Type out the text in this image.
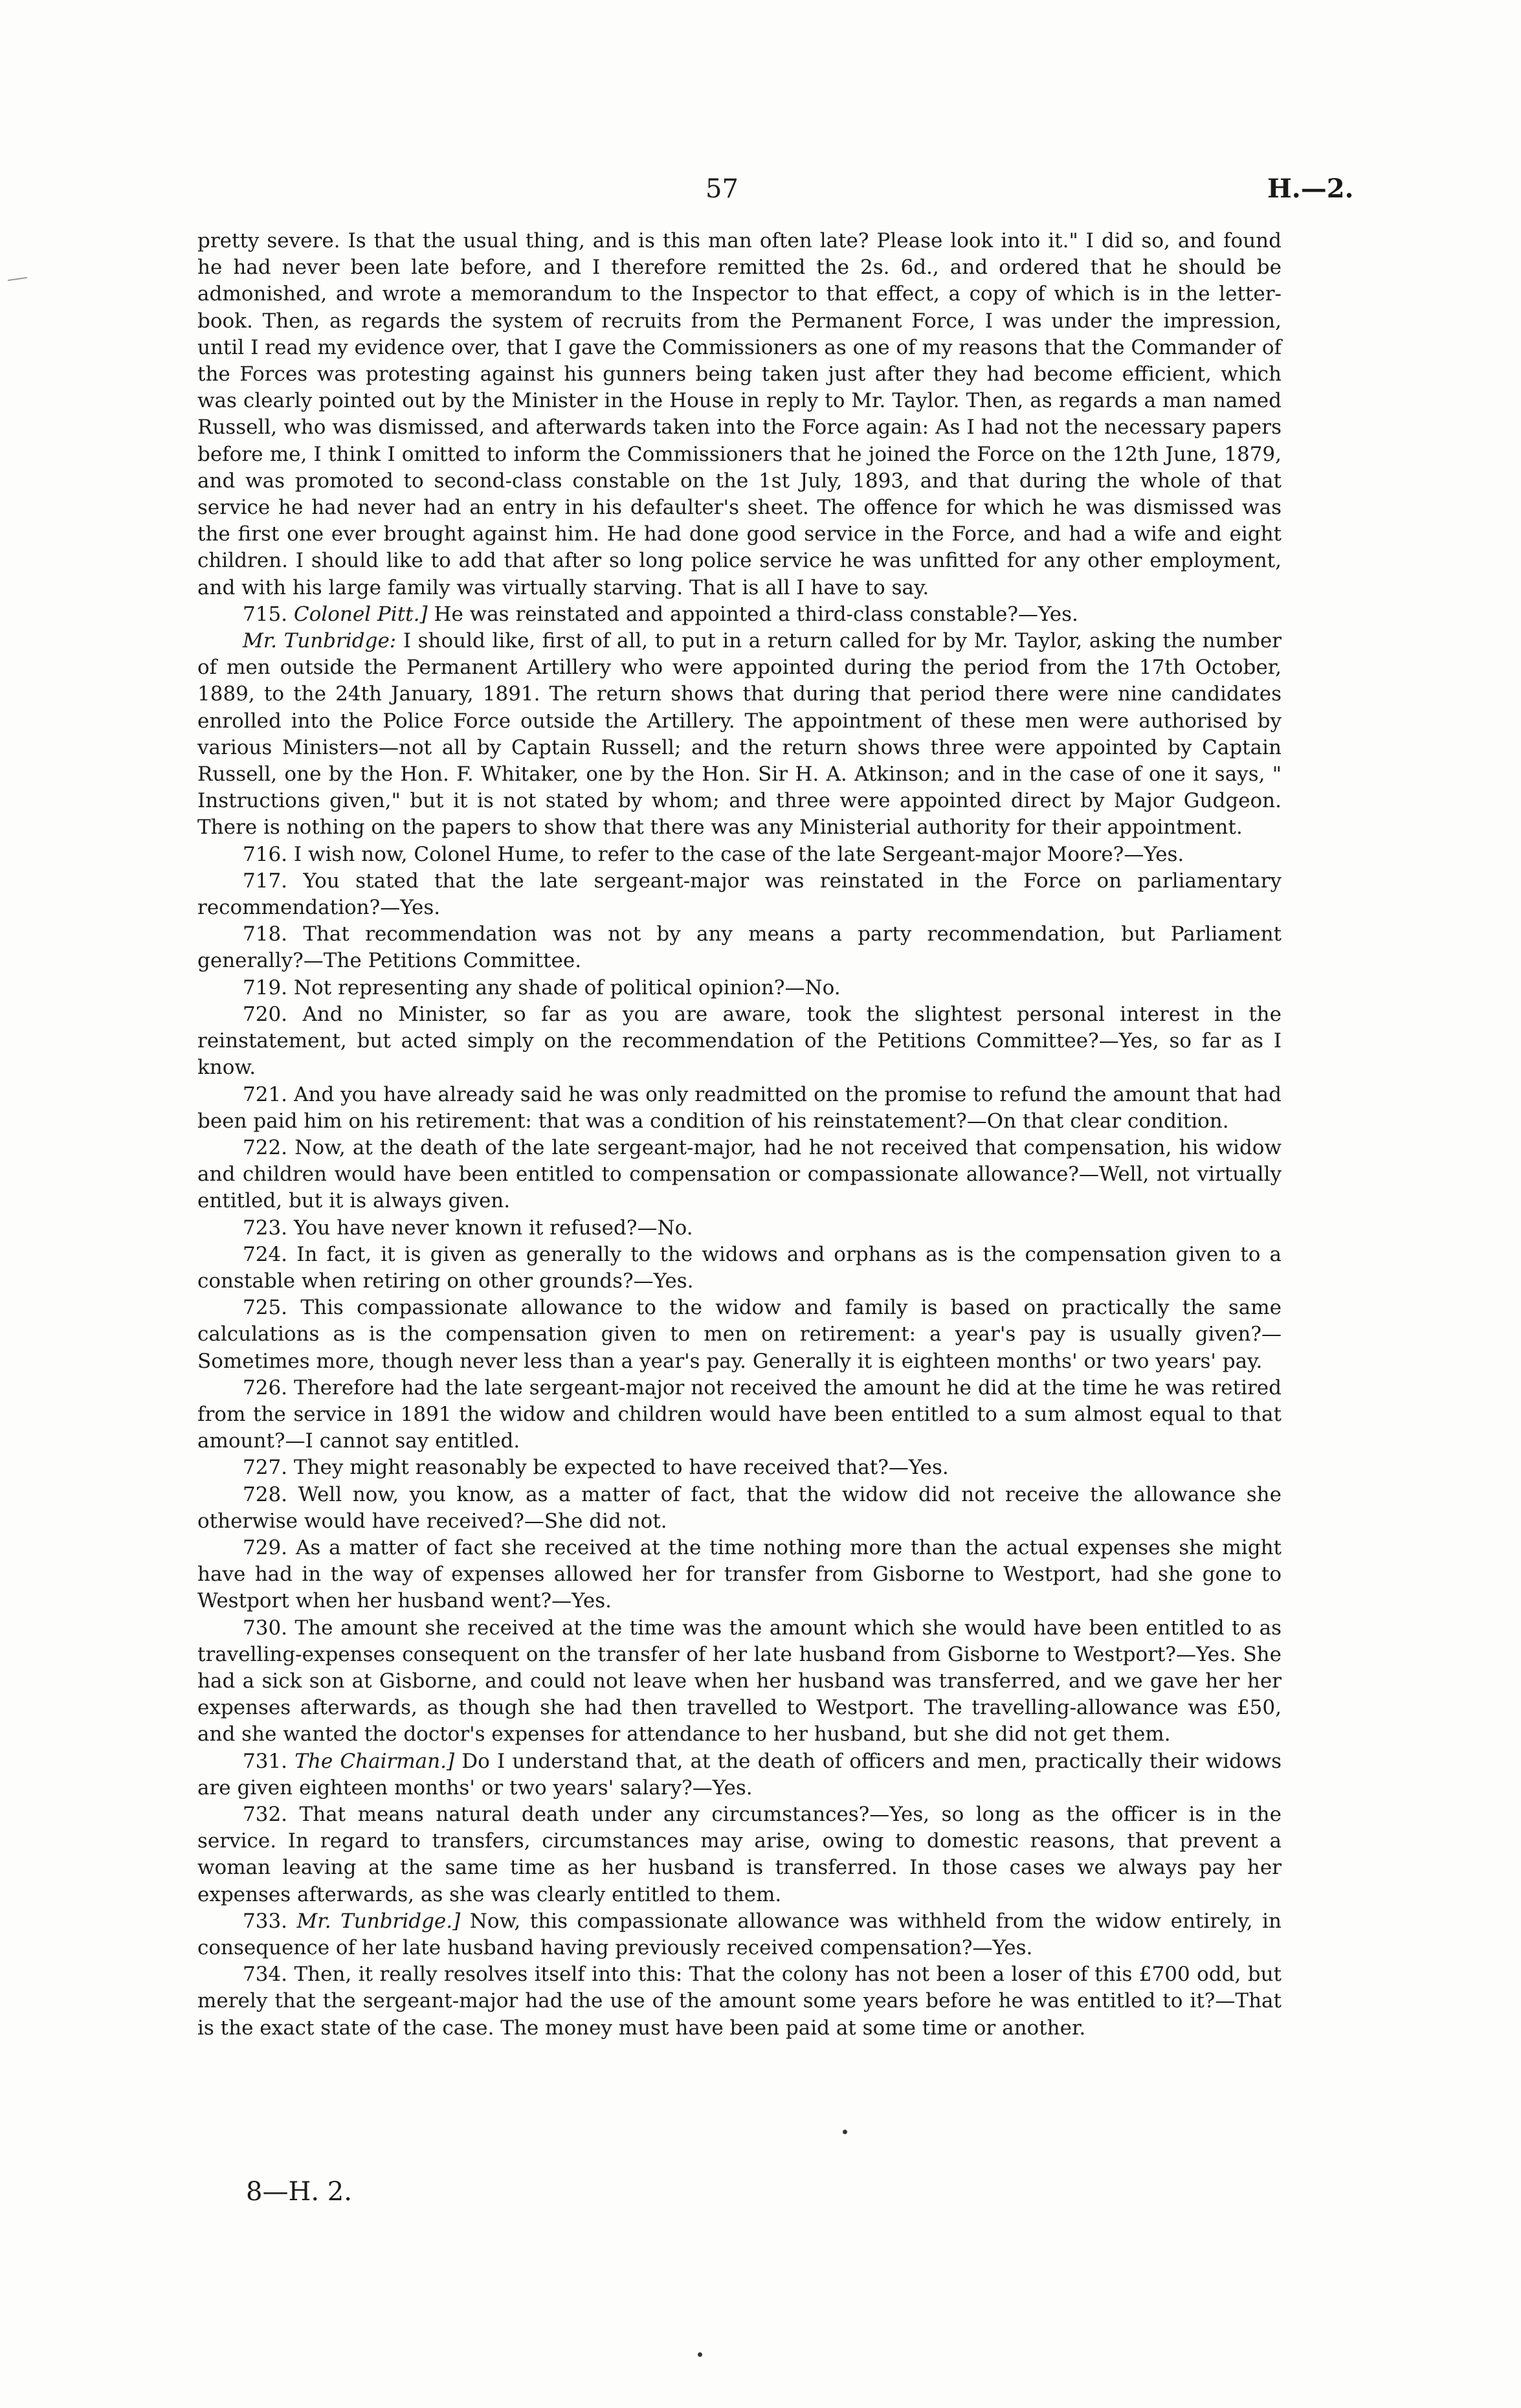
57	H.—2.

pretty severe. Is that the usual thing, and is this man often late? Please look into it." I did so, and found he had never been late before, and I therefore remitted the 2s. 6d., and ordered that he should be admonished, and wrote a memorandum to the Inspector to that effect, a copy of which is in the letter-book. Then, as regards the system of recruits from the Permanent Force, I was under the impression, until I read my evidence over, that I gave the Commissioners as one of my reasons that the Commander of the Forces was protesting against his gunners being taken just after they had become efficient, which was clearly pointed out by the Minister in the House in reply to Mr. Taylor. Then, as regards a man named Russell, who was dismissed, and afterwards taken into the Force again: As I had not the necessary papers before me, I think I omitted to inform the Commissioners that he joined the Force on the 12th June, 1879, and was promoted to second-class constable on the 1st July, 1893, and that during the whole of that service he had never had an entry in his defaulter's sheet. The offence for which he was dismissed was the first one ever brought against him. He had done good service in the Force, and had a wife and eight children. I should like to add that after so long police service he was unfitted for any other employment, and with his large family was virtually starving. That is all I have to say.

715. Colonel Pitt.] He was reinstated and appointed a third-class constable?—Yes.

Mr. Tunbridge: I should like, first of all, to put in a return called for by Mr. Taylor, asking the number of men outside the Permanent Artillery who were appointed during the period from the 17th October, 1889, to the 24th January, 1891. The return shows that during that period there were nine candidates enrolled into the Police Force outside the Artillery. The appointment of these men were authorised by various Ministers—not all by Captain Russell; and the return shows three were appointed by Captain Russell, one by the Hon. F. Whitaker, one by the Hon. Sir H. A. Atkinson; and in the case of one it says, " Instructions given," but it is not stated by whom; and three were appointed direct by Major Gudgeon. There is nothing on the papers to show that there was any Ministerial authority for their appointment.

716. I wish now, Colonel Hume, to refer to the case of the late Sergeant-major Moore?—Yes.

717. You stated that the late sergeant-major was reinstated in the Force on parliamentary recommendation?—Yes.

718. That recommendation was not by any means a party recommendation, but Parliament generally?—The Petitions Committee.

719. Not representing any shade of political opinion?—No.

720. And no Minister, so far as you are aware, took the slightest personal interest in the reinstatement, but acted simply on the recommendation of the Petitions Committee?—Yes, so far as I know.

721. And you have already said he was only readmitted on the promise to refund the amount that had been paid him on his retirement: that was a condition of his reinstatement?—On that clear condition.

722. Now, at the death of the late sergeant-major, had he not received that compensation, his widow and children would have been entitled to compensation or compassionate allowance?—Well, not virtually entitled, but it is always given.

723. You have never known it refused?—No.

724. In fact, it is given as generally to the widows and orphans as is the compensation given to a constable when retiring on other grounds?—Yes.

725. This compassionate allowance to the widow and family is based on practically the same calculations as is the compensation given to men on retirement: a year's pay is usually given?—Sometimes more, though never less than a year's pay. Generally it is eighteen months' or two years' pay.

726. Therefore had the late sergeant-major not received the amount he did at the time he was retired from the service in 1891 the widow and children would have been entitled to a sum almost equal to that amount?—I cannot say entitled.

727. They might reasonably be expected to have received that?—Yes.

728. Well now, you know, as a matter of fact, that the widow did not receive the allowance she otherwise would have received?—She did not.

729. As a matter of fact she received at the time nothing more than the actual expenses she might have had in the way of expenses allowed her for transfer from Gisborne to Westport, had she gone to Westport when her husband went?—Yes.

730. The amount she received at the time was the amount which she would have been entitled to as travelling-expenses consequent on the transfer of her late husband from Gisborne to Westport?—Yes. She had a sick son at Gisborne, and could not leave when her husband was transferred, and we gave her her expenses afterwards, as though she had then travelled to Westport. The travelling-allowance was £50, and she wanted the doctor's expenses for attendance to her husband, but she did not get them.

731. The Chairman.] Do I understand that, at the death of officers and men, practically their widows are given eighteen months' or two years' salary?—Yes.

732. That means natural death under any circumstances?—Yes, so long as the officer is in the service. In regard to transfers, circumstances may arise, owing to domestic reasons, that prevent a woman leaving at the same time as her husband is transferred. In those cases we always pay her expenses afterwards, as she was clearly entitled to them.

733. Mr. Tunbridge.] Now, this compassionate allowance was withheld from the widow entirely, in consequence of her late husband having previously received compensation?—Yes.

734. Then, it really resolves itself into this: That the colony has not been a loser of this £700 odd, but merely that the sergeant-major had the use of the amount some years before he was entitled to it?—That is the exact state of the case. The money must have been paid at some time or another.

8—H. 2.
